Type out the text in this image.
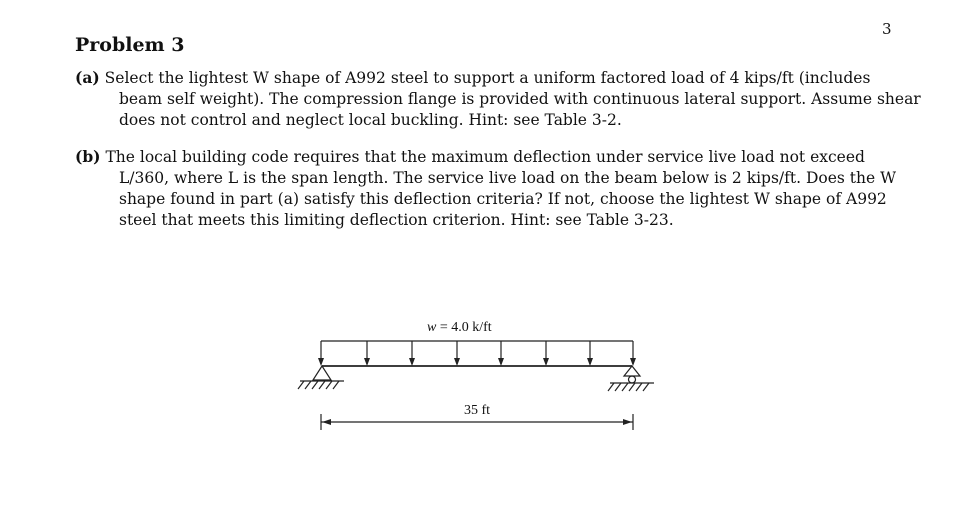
3
Problem 3
(a) Select the lightest W shape of A992 steel to support a uniform factored load of 4 kips/ft (includes
beam self weight). The compression flange is provided with continuous lateral support. Assume shear
does not control and neglect local buckling. Hint: see Table 3-2.
(b) The local building code requires that the maximum deflection under service live load not exceed
L/360, where L is the span length. The service live load on the beam below is 2 kips/ft. Does the W
shape found in part (a) satisfy this deflection criteria? If not, choose the lightest W shape of A992
steel that meets this limiting deflection criterion. Hint: see Table 3-23.
w = 4.0 k/ft
35 ft
